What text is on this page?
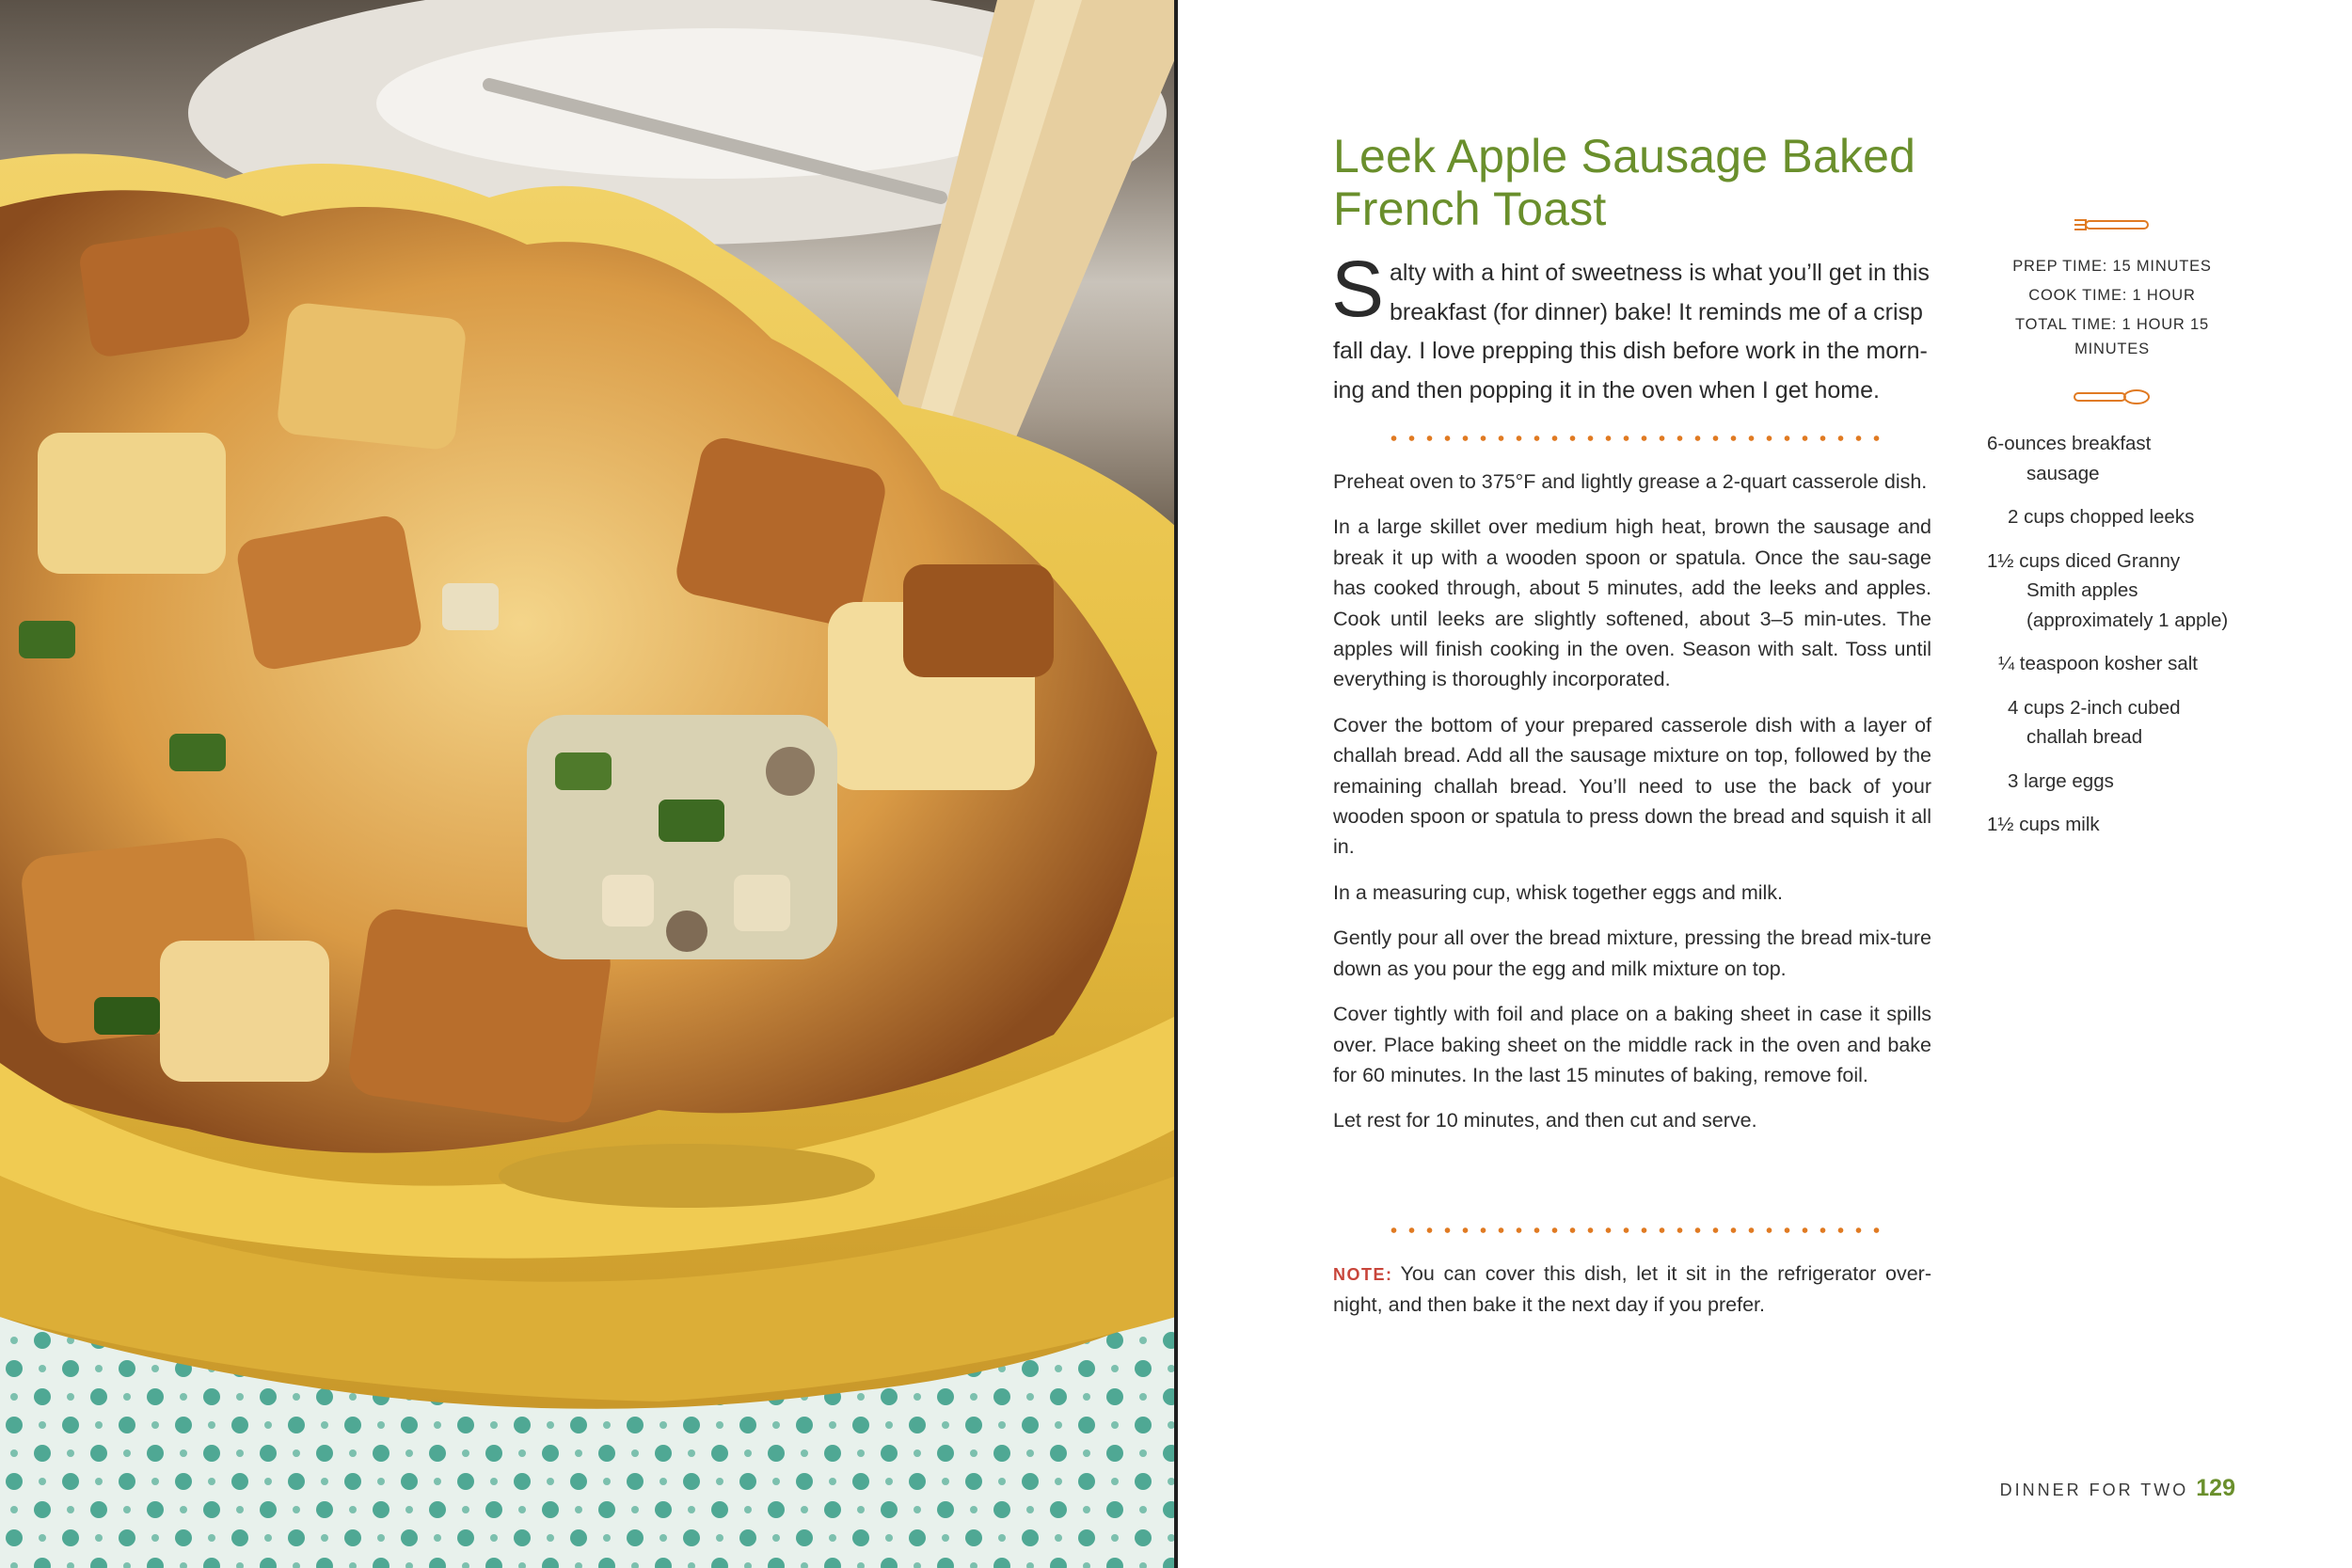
Leek Apple Sausage Baked French Toast

Salty with a hint of sweetness is what you’ll get in this breakfast (for dinner) bake! It reminds me of a crisp fall day. I love prepping this dish before work in the morn-ing and then popping it in the oven when I get home.

Preheat oven to 375°F and lightly grease a 2-quart casserole dish.

In a large skillet over medium high heat, brown the sausage and break it up with a wooden spoon or spatula. Once the sau-sage has cooked through, about 5 minutes, add the leeks and apples. Cook until leeks are slightly softened, about 3–5 min-utes. The apples will finish cooking in the oven. Season with salt. Toss until everything is thoroughly incorporated.

Cover the bottom of your prepared casserole dish with a layer of challah bread. Add all the sausage mixture on top, followed by the remaining challah bread. You’ll need to use the back of your wooden spoon or spatula to press down the bread and squish it all in.

In a measuring cup, whisk together eggs and milk.

Gently pour all over the bread mixture, pressing the bread mix-ture down as you pour the egg and milk mixture on top.

Cover tightly with foil and place on a baking sheet in case it spills over. Place baking sheet on the middle rack in the oven and bake for 60 minutes. In the last 15 minutes of baking, remove foil.

Let rest for 10 minutes, and then cut and serve.

NOTE: You can cover this dish, let it sit in the refrigerator over-night, and then bake it the next day if you prefer.

PREP TIME: 15 MINUTES
COOK TIME: 1 HOUR
TOTAL TIME: 1 HOUR 15 MINUTES
6-ounces breakfast
sausage
2 cups chopped leeks
1½ cups diced Granny
Smith apples (approximately 1 apple)
¼ teaspoon kosher salt
4 cups 2-inch cubed
challah bread
3 large eggs
1½ cups milk
DINNER FOR TWO 129
